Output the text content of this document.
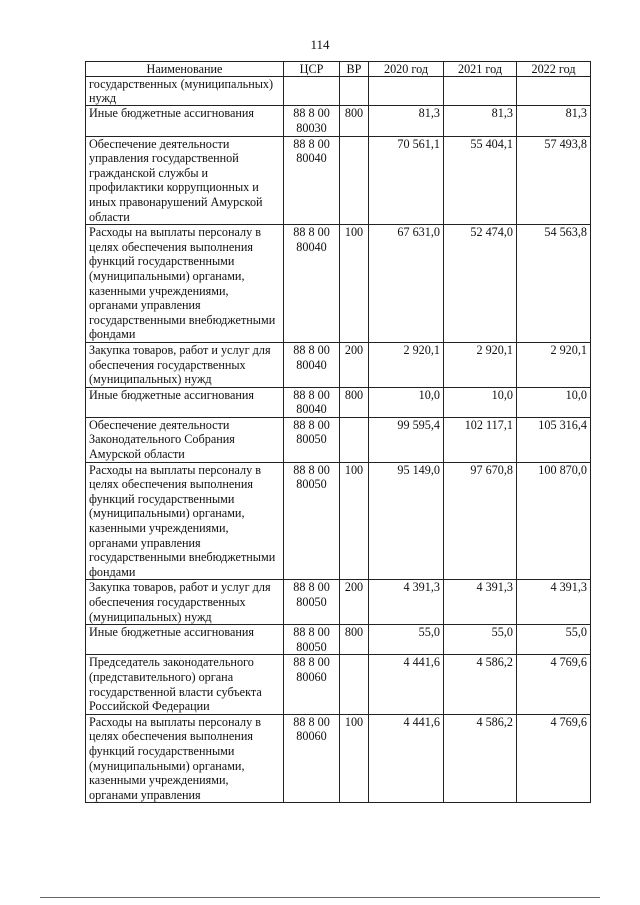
114
Наименование	ЦСР	ВР	2020 год	2021 год	2022 год
государственных (муниципальных) нужд					
Иные бюджетные ассигнования	88 8 00 80030	800	81,3	81,3	81,3
Обеспечение деятельности управления государственной гражданской службы и профилактики коррупционных и иных правонарушений Амурской области	88 8 00 80040		70 561,1	55 404,1	57 493,8
Расходы на выплаты персоналу в целях обеспечения выполнения функций государственными (муниципальными) органами, казенными учреждениями, органами управления государственными внебюджетными фондами	88 8 00 80040	100	67 631,0	52 474,0	54 563,8
Закупка товаров, работ и услуг для обеспечения государственных (муниципальных) нужд	88 8 00 80040	200	2 920,1	2 920,1	2 920,1
Иные бюджетные ассигнования	88 8 00 80040	800	10,0	10,0	10,0
Обеспечение деятельности Законодательного Собрания Амурской области	88 8 00 80050		99 595,4	102 117,1	105 316,4
Расходы на выплаты персоналу в целях обеспечения выполнения функций государственными (муниципальными) органами, казенными учреждениями, органами управления государственными внебюджетными фондами	88 8 00 80050	100	95 149,0	97 670,8	100 870,0
Закупка товаров, работ и услуг для обеспечения государственных (муниципальных) нужд	88 8 00 80050	200	4 391,3	4 391,3	4 391,3
Иные бюджетные ассигнования	88 8 00 80050	800	55,0	55,0	55,0
Председатель законодательного (представительного) органа государственной власти субъекта Российской Федерации	88 8 00 80060		4 441,6	4 586,2	4 769,6
Расходы на выплаты персоналу в целях обеспечения выполнения функций государственными (муниципальными) органами, казенными учреждениями, органами управления	88 8 00 80060	100	4 441,6	4 586,2	4 769,6
